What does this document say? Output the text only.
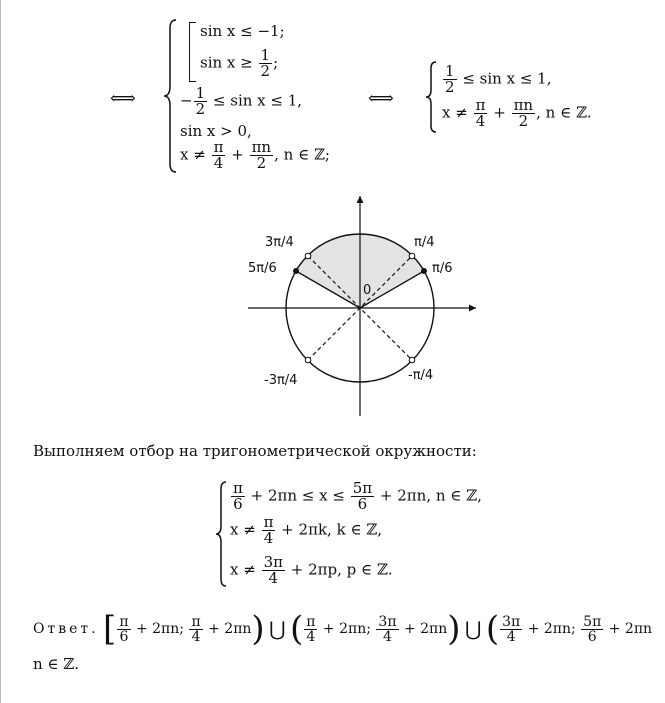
sin x ≤ −1;
$\sin x \ge \frac{1}{2}$ ;
− $\frac{1}{2} \le \sin x \le 1$,
sin x > 0,
$x \ne \frac{\pi}{4} + \frac{\pi n}{2}$ , n ∈ ℤ;
⟺	⟺
$\frac{1}{2} \le \sin x \le 1$,
$x \ne \frac{\pi}{4} + \frac{\pi n}{2}$ , n ∈ ℤ.
π/4
π/6
3π/4
5π/6
-3π/4	-π/4
0
Выполняем отбор на тригонометрической окружности:
$\frac{\pi}{6} + 2\pi n \le x \le \frac{5\pi}{6} + 2\pi n$, n ∈ ℤ,
$x \ne \frac{\pi}{4} + 2\pi k$, k ∈ ℤ,
$x \ne \frac{3\pi}{4} + 2\pi p$, p ∈ ℤ.
Ответ. [ $\frac{\pi}{6} + 2\pi n$; $\frac{\pi}{4} + 2\pi n$) ⋃ ( $\frac{\pi}{4} + 2\pi n$; $\frac{3\pi}{4} + 2\pi n$) ⋃ ( $\frac{3\pi}{4} + 2\pi n$; $\frac{5\pi}{6} + 2\pi n$
n ∈ ℤ.
